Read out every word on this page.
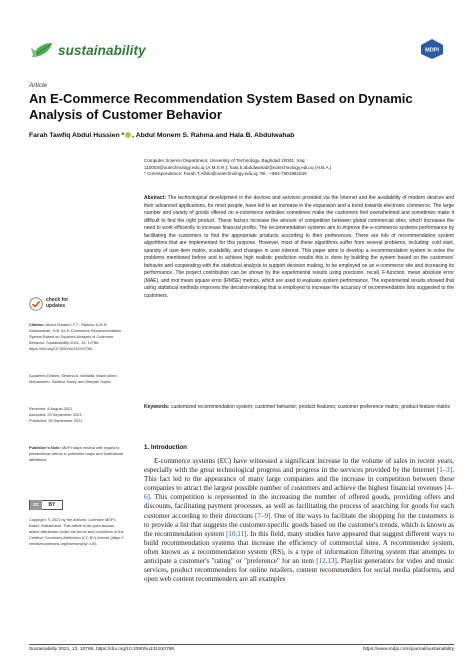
sustainability	MDPI
Article
An E-Commerce Recommendation System Based on Dynamic Analysis of Customer Behavior
Farah Tawfiq Abdul Hussien * , Abdul Monem S. Rahma and Hala B. Abdulwahab
Computer Science Department, University of Technology, Baghdad 10001, Iraq;
110003@uotechnology.edu.iq (A.M.S.R.); hala.b.abdulwahab@uotechnology.edu.iq (H.B.A.)
* Correspondence: Farah.T.Alhilo@uotechnology.edu.iq; Tel.: +964-7901981549
Abstract: The technological development in the devices and services provided via the Internet and the availability of modern devices and their advanced applications, for most people, have led to an increase in the expansion and a trend towards electronic commerce. The large number and variety of goods offered on e-commerce websites sometimes make the customers feel overwhelmed and sometimes make it difficult to find the right product. These factors increase the amount of competition between global commercial sites, which increases the need to work efficiently to increase financial profits. The recommendation systems aim to improve the e-commerce systems performance by facilitating the customers to find the appropriate products according to their preferences. There are lots of recommendation system algorithms that are implemented for this purpose. However, most of these algorithms suffer from several problems, including: cold start, sparsity of user-item matrix, scalability, and changes in user interest. This paper aims to develop a recommendation system to solve the problems mentioned before and to achieve high realistic prediction results this is done by building the system based on the customers' behavior and cooperating with the statistical analysis to support decision making, to be employed on an e-commerce site and increasing its performance. The project contribution can be shown by the experimental results using precision, recall, F-function, mean absolute error (MAE), and root mean square error (RMSE) metrics, which are used to evaluate system performance. The experimental results showed that using statistical methods improves the decision-making that is employed to increase the accuracy of recommendation lists suggested to the customers.
Keywords: customized recommendation system; customer behavior; product features; customer preference matrix; product feature matrix
check for
updates
Citation: Abdul Hussien, F.T.; Rahma, A.M.S.; Abdulwahab, H.B. An E-Commerce Recommendation System Based on Dynamic Analysis of Customer Behavior. Sustainability 2021, 13, 10786. https://doi.org/10.3390/su131910786
Academic Editors: Selama A. Mostafa, Mazin Abed Mohammed, Saleline Kadry and Deepak Gupta
Received: 8 August 2021
Accepted: 23 September 2021
Published: 28 September 2021
Publisher's Note: MDPI stays neutral with regard to jurisdictional claims in published maps and institutional affiliations.
cc	BY
Copyright: © 2021 by the authors. Licensee MDPI, Basel, Switzerland. This article is an open access article distributed under the terms and conditions of the Creative Commons Attribution (CC BY) license (https:// creativecommons.org/licenses/by/ 4.0/).
1. Introduction

E-commerce systems (EC) have witnessed a significant increase in the volume of sales in recent years, especially with the great technological progress and progress in the services provided by the Internet [1–3]. This fact led to the appearance of many large companies and the increase in competition between these companies to attract the largest possible number of customers and achieve the highest financial revenues [4–6]. This competition is represented in the increasing the number of offered goods, providing offers and discounts, facilitating payment processes, as well as facilitating the process of searching for goods for each customer according to their directions [7–9]. One of the ways to facilitate the shopping for the customers is to provide a list that suggests the customer-specific goods based on the customer's trends, which is known as the recommendation system [10,11]. In this field, many studies have appeared that suggest different ways to build recommendation systems that increase the efficiency of commercial sites. A recommender system, often known as a recommendation system (RS), is a type of information filtering system that attempts to anticipate a customer's "rating" or "preference" for an item [12,13]. Playlist generators for video and music services, product recommenders for online retailers, content recommenders for social media platforms, and open web content recommenders are all examples

Sustainability 2021, 13, 10786. https://doi.org/10.3390/su131910786	https://www.mdpi.com/journal/sustainability
